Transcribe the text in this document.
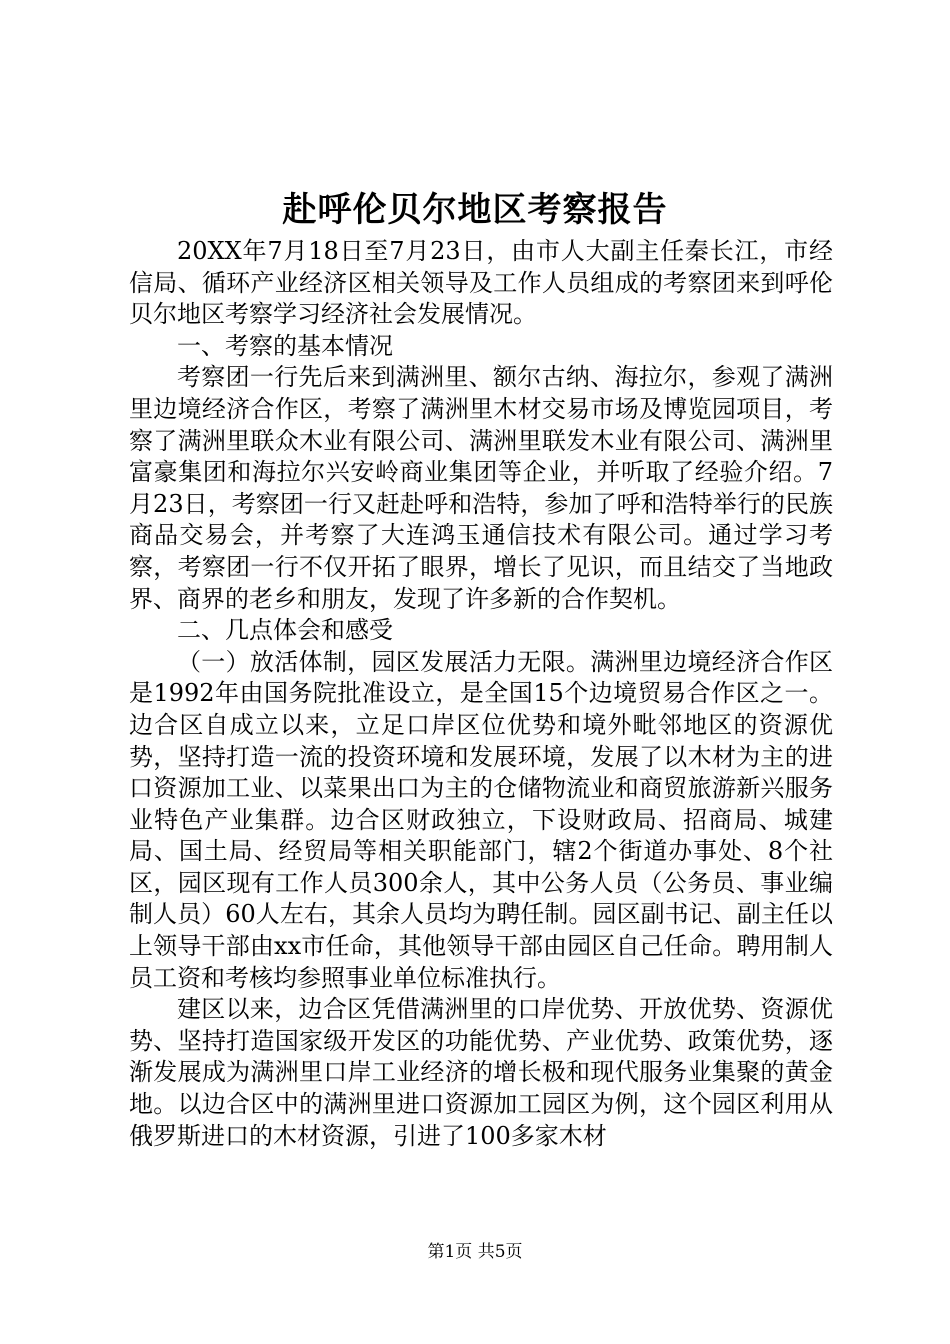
赴呼伦贝尔地区考察报告

20XX年7月18日至7月23日，由市人大副主任秦长江，市经信局、循环产业经济区相关领导及工作人员组成的考察团来到呼伦贝尔地区考察学习经济社会发展情况。

一、考察的基本情况

考察团一行先后来到满洲里、额尔古纳、海拉尔，参观了满洲里边境经济合作区，考察了满洲里木材交易市场及博览园项目，考察了满洲里联众木业有限公司、满洲里联发木业有限公司、满洲里富豪集团和海拉尔兴安岭商业集团等企业，并听取了经验介绍。7月23日，考察团一行又赶赴呼和浩特，参加了呼和浩特举行的民族商品交易会，并考察了大连鸿玉通信技术有限公司。通过学习考察，考察团一行不仅开拓了眼界，增长了见识，而且结交了当地政界、商界的老乡和朋友，发现了许多新的合作契机。

二、几点体会和感受

（一）放活体制，园区发展活力无限。满洲里边境经济合作区是1992年由国务院批准设立，是全国15个边境贸易合作区之一。边合区自成立以来，立足口岸区位优势和境外毗邻地区的资源优势，坚持打造一流的投资环境和发展环境，发展了以木材为主的进口资源加工业、以菜果出口为主的仓储物流业和商贸旅游新兴服务业特色产业集群。边合区财政独立，下设财政局、招商局、城建局、国土局、经贸局等相关职能部门，辖2个街道办事处、8个社区，园区现有工作人员300余人，其中公务人员（公务员、事业编制人员）60人左右，其余人员均为聘任制。园区副书记、副主任以上领导干部由xx市任命，其他领导干部由园区自己任命。聘用制人员工资和考核均参照事业单位标准执行。

建区以来，边合区凭借满洲里的口岸优势、开放优势、资源优势、坚持打造国家级开发区的功能优势、产业优势、政策优势，逐渐发展成为满洲里口岸工业经济的增长极和现代服务业集聚的黄金地。以边合区中的满洲里进口资源加工园区为例，这个园区利用从俄罗斯进口的木材资源，引进了100多家木材

第1页 共5页
